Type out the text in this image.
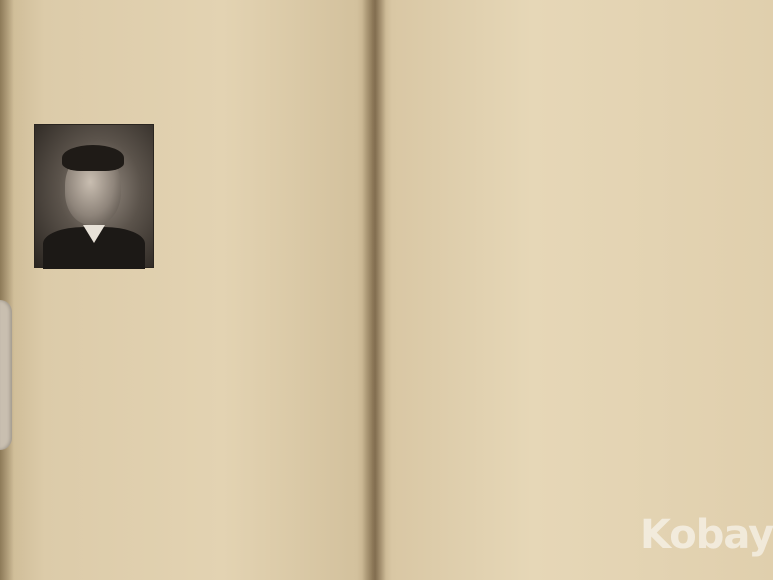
Kobay
